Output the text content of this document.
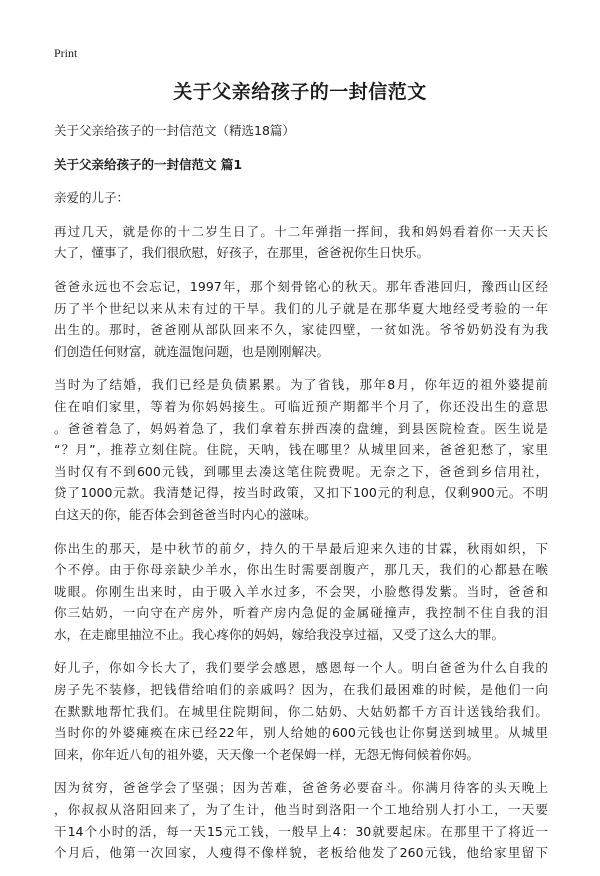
Print
关于父亲给孩子的一封信范文
关于父亲给孩子的一封信范文（精选18篇）
关于父亲给孩子的一封信范文 篇1
亲爱的儿子：
再过几天，就是你的十二岁生日了。十二年弹指一挥间，我和妈妈看着你一天天长
大了，懂事了，我们很欣慰，好孩子，在那里，爸爸祝你生日快乐。
爸爸永远也不会忘记，1997年，那个刻骨铭心的秋天。那年香港回归，豫西山区经
历了半个世纪以来从未有过的干旱。我们的儿子就是在那华夏大地经受考验的一年
出生的。那时，爸爸刚从部队回来不久，家徒四壁，一贫如洗。爷爷奶奶没有为我
们创造任何财富，就连温饱问题，也是刚刚解决。
当时为了结婚，我们已经是负债累累。为了省钱，那年8月，你年迈的祖外婆提前
住在咱们家里，等着为你妈妈接生。可临近预产期都半个月了，你还没出生的意思
。爸爸着急了，妈妈着急了，我们拿着东拼西凑的盘缠，到县医院检查。医生说是
“？月”，推荐立刻住院。住院，天呐，钱在哪里？从城里回来，爸爸犯愁了，家里
当时仅有不到600元钱，到哪里去凑这笔住院费呢。无奈之下，爸爸到乡信用社，
贷了1000元款。我清楚记得，按当时政策，又扣下100元的利息，仅剩900元。不明
白这天的你，能否体会到爸爸当时内心的滋味。
你出生的那天，是中秋节的前夕，持久的干旱最后迎来久违的甘霖，秋雨如织，下
个不停。由于你母亲缺少羊水，你出生时需要剖腹产，那几天，我们的心都悬在喉
咙眼。你刚生出来时，由于吸入羊水过多，不会哭，小脸憋得发紫。当时，爸爸和
你三姑奶，一向守在产房外，听着产房内急促的金属碰撞声，我控制不住自我的泪
水，在走廊里抽泣不止。我心疼你的妈妈，嫁给我没享过福，又受了这么大的罪。
好儿子，你如今长大了，我们要学会感恩，感恩每一个人。明白爸爸为什么自我的
房子先不装修，把钱借给咱们的亲戚吗？因为，在我们最困难的时候，是他们一向
在默默地帮忙我们。在城里住院期间，你二姑奶、大姑奶都千方百计送钱给我们。
当时你的外婆瘫痪在床已经22年，别人给她的600元钱也让你舅送到城里。从城里
回来，你年近八旬的祖外婆，天天像一个老保姆一样，无怨无悔伺候着你妈。
因为贫穷，爸爸学会了坚强；因为苦难，爸爸务必要奋斗。你满月待客的头天晚上
，你叔叔从洛阳回来了，为了生计，他当时到洛阳一个工地给别人打小工，一天要
干14个小时的活，每一天15元工钱，一般早上4：30就要起床。在那里干了将近一
个月后，他第一次回家，人瘦得不像样貌，老板给他发了260元钱，他给家里留下
